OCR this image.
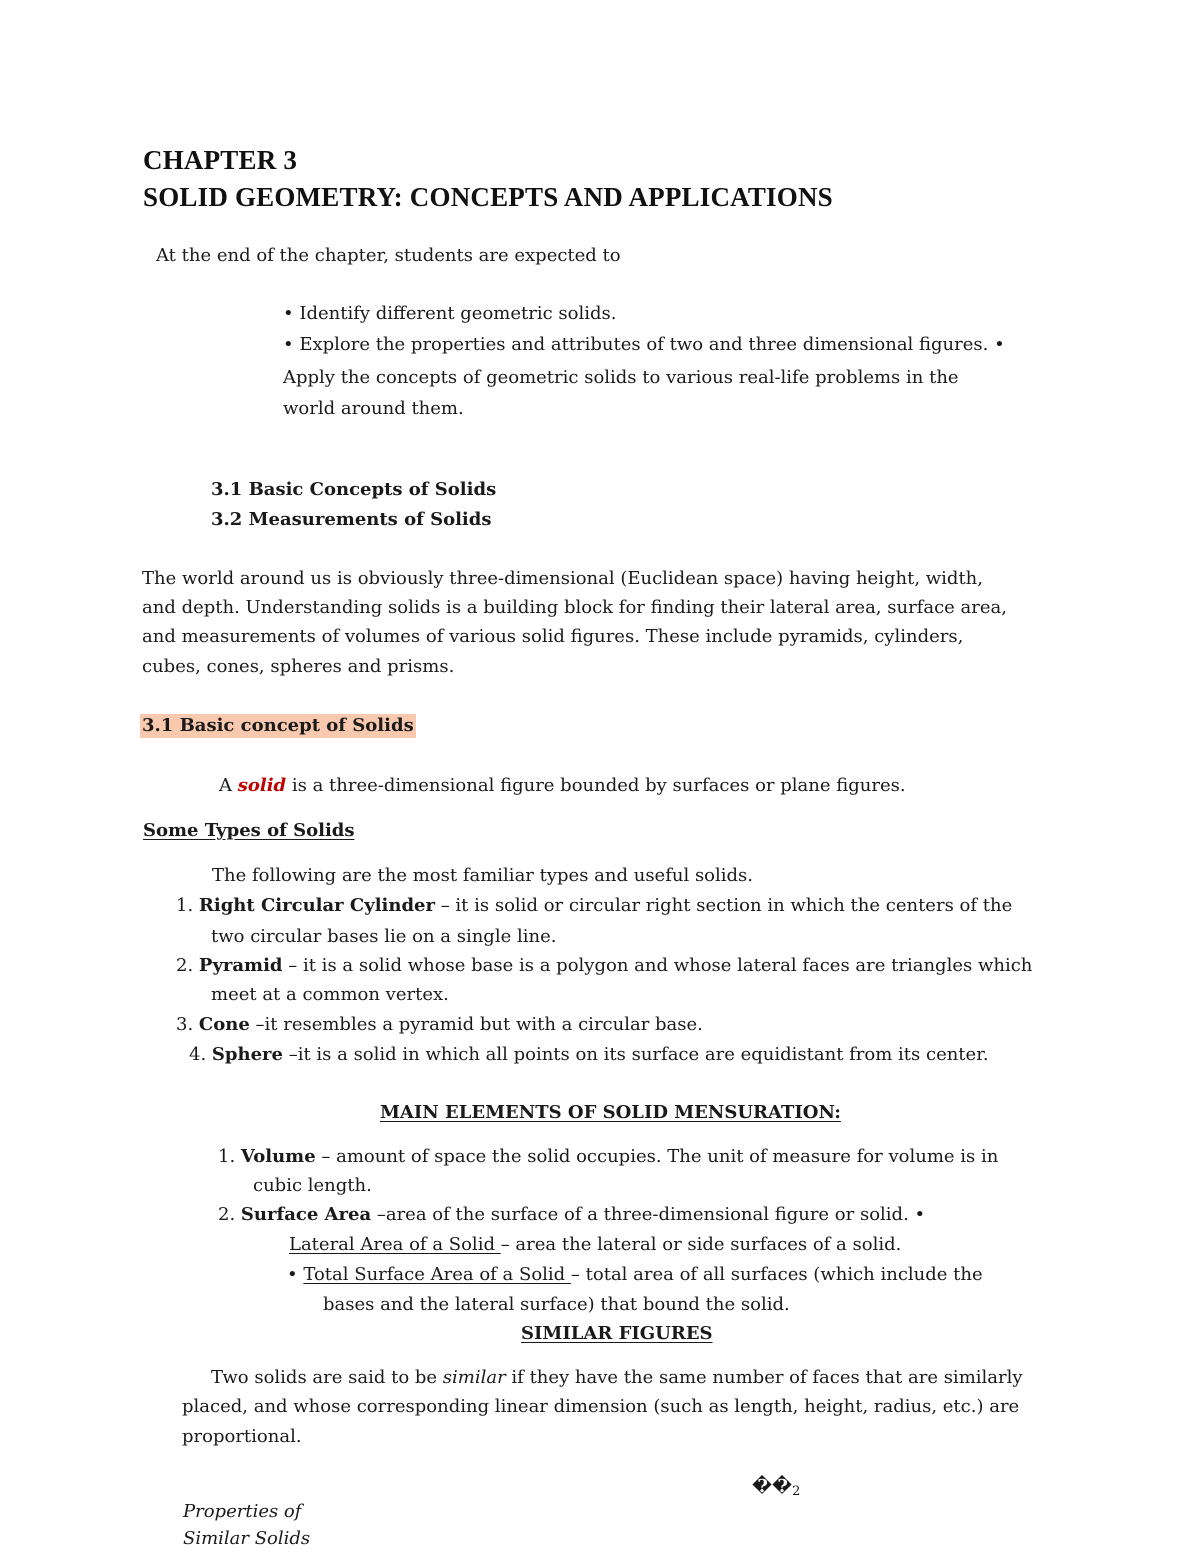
CHAPTER 3
SOLID GEOMETRY: CONCEPTS AND APPLICATIONS
At the end of the chapter, students are expected to
• Identify different geometric solids.
• Explore the properties and attributes of two and three dimensional figures. •
Apply the concepts of geometric solids to various real-life problems in the
world around them.
3.1 Basic Concepts of Solids
3.2 Measurements of Solids
The world around us is obviously three-dimensional (Euclidean space) having height, width,
and depth. Understanding solids is a building block for finding their lateral area, surface area,
and measurements of volumes of various solid figures. These include pyramids, cylinders,
cubes, cones, spheres and prisms.
3.1 Basic concept of Solids
A solid is a three-dimensional figure bounded by surfaces or plane figures.
Some Types of Solids
The following are the most familiar types and useful solids.
1. Right Circular Cylinder – it is solid or circular right section in which the centers of the
two circular bases lie on a single line.
2. Pyramid – it is a solid whose base is a polygon and whose lateral faces are triangles which
meet at a common vertex.
3. Cone –it resembles a pyramid but with a circular base.
4. Sphere –it is a solid in which all points on its surface are equidistant from its center.
MAIN ELEMENTS OF SOLID MENSURATION:
1. Volume – amount of space the solid occupies. The unit of measure for volume is in
cubic length.
2. Surface Area –area of the surface of a three-dimensional figure or solid. •
Lateral Area of a Solid – area the lateral or side surfaces of a solid.
• Total Surface Area of a Solid – total area of all surfaces (which include the
bases and the lateral surface) that bound the solid.
SIMILAR FIGURES
Two solids are said to be similar if they have the same number of faces that are similarly
placed, and whose corresponding linear dimension (such as length, height, radius, etc.) are
proportional.
��2
Properties of
Similar Solids
